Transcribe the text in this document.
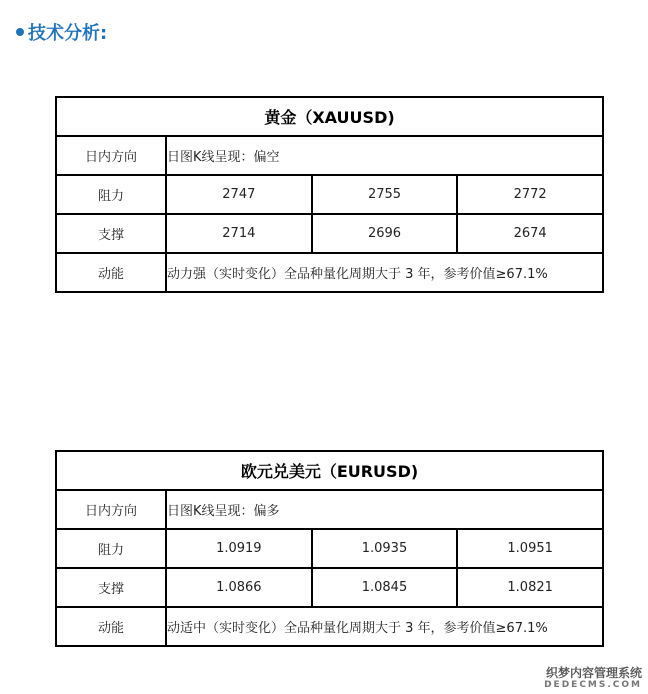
技术分析:
黄金（XAUUSD)			
日内方向	日图K线呈现：偏空		
阻力	2747	2755	2772
支撑	2714	2696	2674
动能	动力强（实时变化）全品种量化周期大于 3 年，参考价值≥67.1%		
欧元兑美元（EURUSD)			
日内方向	日图K线呈现：偏多		
阻力	1.0919	1.0935	1.0951
支撑	1.0866	1.0845	1.0821
动能	动适中（实时变化）全品种量化周期大于 3 年，参考价值≥67.1%		
织梦内容管理系统
DEDECMS.COM
